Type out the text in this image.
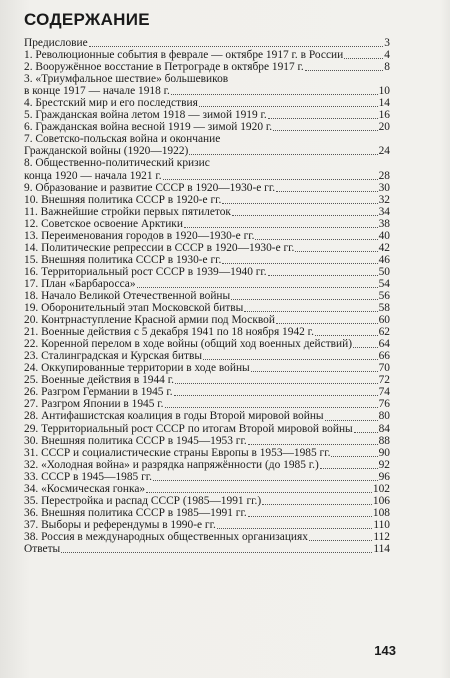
СОДЕРЖАНИЕ
Предисловие	3
1. Революционные события в феврале — октябре 1917 г. в России	4
2. Вооружённое восстание в Петрограде в октябре 1917 г.	8
3. «Триумфальное шествие» большевиков
в конце 1917 — начале 1918 г.	10
4. Брестский мир и его последствия	14
5. Гражданская война летом 1918 — зимой 1919 г.	16
6. Гражданская война весной 1919 — зимой 1920 г.	20
7. Советско-польская война и окончание
Гражданской войны (1920—1922)	24
8. Общественно-политический кризис
конца 1920 — начала 1921 г.	28
9. Образование и развитие СССР в 1920—1930-е гг.	30
10. Внешняя политика СССР в 1920-е гг.	32
11. Важнейшие стройки первых пятилеток	34
12. Советское освоение Арктики	38
13. Переименования городов в 1920—1930-е гг.	40
14. Политические репрессии в СССР в 1920—1930-е гг.	42
15. Внешняя политика СССР в 1930-е гг.	46
16. Территориальный рост СССР в 1939—1940 гг.	50
17. План «Барбаросса»	54
18. Начало Великой Отечественной войны	56
19. Оборонительный этап Московской битвы	58
20. Контрнаступление Красной армии под Москвой	60
21. Военные действия с 5 декабря 1941 по 18 ноября 1942 г.	62
22. Коренной перелом в ходе войны (общий ход военных действий) 64
23. Сталинградская и Курская битвы	66
24. Оккупированные территории в ходе войны	70
25. Военные действия в 1944 г.	72
26. Разгром Германии в 1945 г.	74
27. Разгром Японии в 1945 г.	76
28. Антифашистская коалиция в годы Второй мировой войны	80
29. Территориальный рост СССР по итогам Второй мировой войны 84
30. Внешняя политика СССР в 1945—1953 гг.	88
31. СССР и социалистические страны Европы в 1953—1985 гг.	90
32. «Холодная война» и разрядка напряжённости (до 1985 г.)	92
33. СССР в 1945—1985 гг.	96
34. «Космическая гонка»	102
35. Перестройка и распад СССР (1985—1991 гг.)	106
36. Внешняя политика СССР в 1985—1991 гг.	108
37. Выборы и референдумы в 1990-е гг.	110
38. Россия в международных общественных организациях	112
Ответы	114
143
